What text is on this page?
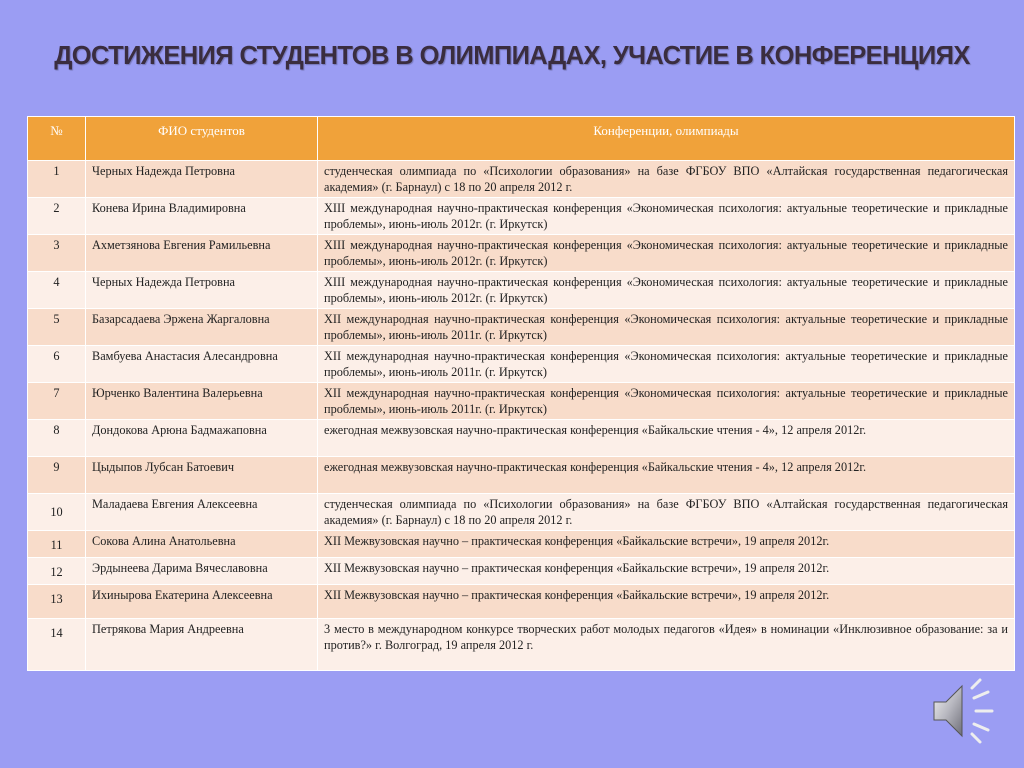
ДОСТИЖЕНИЯ СТУДЕНТОВ В ОЛИМПИАДАХ, УЧАСТИЕ В КОНФЕРЕНЦИЯХ
№	ФИО студентов	Конференции, олимпиады
1	Черных Надежда Петровна	студенческая олимпиада по «Психологии образования» на базе ФГБОУ ВПО «Алтайская государственная педагогическая академия» (г. Барнаул) с 18 по 20 апреля 2012 г.
2	Конева Ирина Владимировна	XIII международная научно-практическая конференция «Экономическая психология: актуальные теоретические и прикладные проблемы», июнь-июль 2012г. (г. Иркутск)
3	Ахметзянова Евгения Рамильевна	XIII международная научно-практическая конференция «Экономическая психология: актуальные теоретические и прикладные проблемы», июнь-июль 2012г. (г. Иркутск)
4	Черных Надежда Петровна	XIII международная научно-практическая конференция «Экономическая психология: актуальные теоретические и прикладные проблемы», июнь-июль 2012г. (г. Иркутск)
5	Базарсадаева Эржена Жаргаловна	XII международная научно-практическая конференция «Экономическая психология: актуальные теоретические и прикладные проблемы», июнь-июль 2011г. (г. Иркутск)
6	Вамбуева Анастасия Алесандровна	XII международная научно-практическая конференция «Экономическая психология: актуальные теоретические и прикладные проблемы», июнь-июль 2011г. (г. Иркутск)
7	Юрченко Валентина Валерьевна	XII международная научно-практическая конференция «Экономическая психология: актуальные теоретические и прикладные проблемы», июнь-июль 2011г. (г. Иркутск)
8	Дондокова Арюна Бадмажаповна	ежегодная межвузовская научно-практическая конференция «Байкальские чтения - 4», 12 апреля 2012г.
9	Цыдыпов Лубсан Батоевич	ежегодная межвузовская научно-практическая конференция «Байкальские чтения - 4», 12 апреля 2012г.
10	Маладаева Евгения Алексеевна	студенческая олимпиада по «Психологии образования» на базе ФГБОУ ВПО «Алтайская государственная педагогическая академия» (г. Барнаул) с 18 по 20 апреля 2012 г.
11	Сокова Алина Анатольевна	XII Межвузовская научно – практическая конференция «Байкальские встречи», 19 апреля 2012г.
12	Эрдынеева Дарима Вячеславовна	XII Межвузовская научно – практическая конференция «Байкальские встречи», 19 апреля 2012г.
13	Ихинырова Екатерина Алексеевна	XII Межвузовская научно – практическая конференция «Байкальские встречи», 19 апреля 2012г.
14	Петрякова Мария Андреевна	3 место в международном конкурсе творческих работ молодых педагогов «Идея» в номинации «Инклюзивное образование: за и против?» г. Волгоград, 19 апреля 2012 г.
